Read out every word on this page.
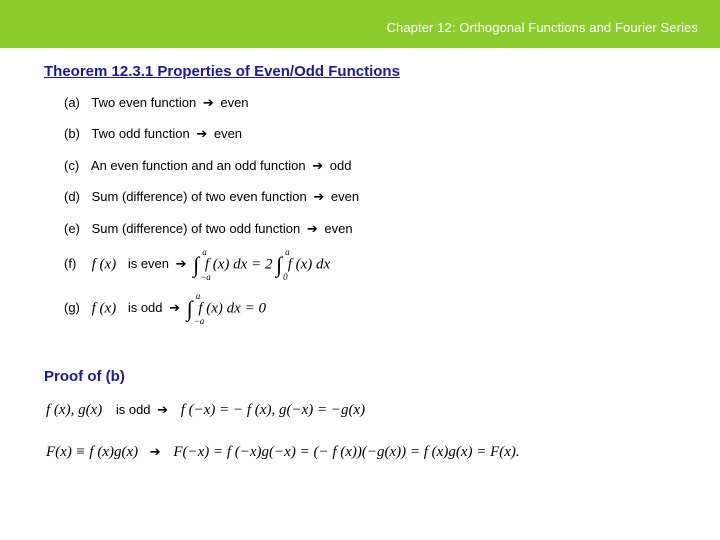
Chapter 12: Orthogonal Functions and Fourier Series
Theorem 12.3.1 Properties of Even/Odd Functions
(a) Two even function ➔ even
(b) Two odd function ➔ even
(c) An even function and an odd function ➔ odd
(d) Sum (difference) of two even function ➔ even
(e) Sum (difference) of two odd function ➔ even
(f) f (x) is even ➔ ∫ a
−a
f (x) dx = 2 ∫ a
0
f (x) dx
(g) f (x) is odd ➔ ∫ a
−a
f (x) dx = 0
Proof of (b)
f (x), g(x) is odd ➔ f (−x) = − f (x), g(−x) = −g(x)
F(x) ≡ f (x)g(x) ➔ F(−x) = f (−x)g(−x) = (− f (x))(−g(x)) = f (x)g(x) = F(x).
